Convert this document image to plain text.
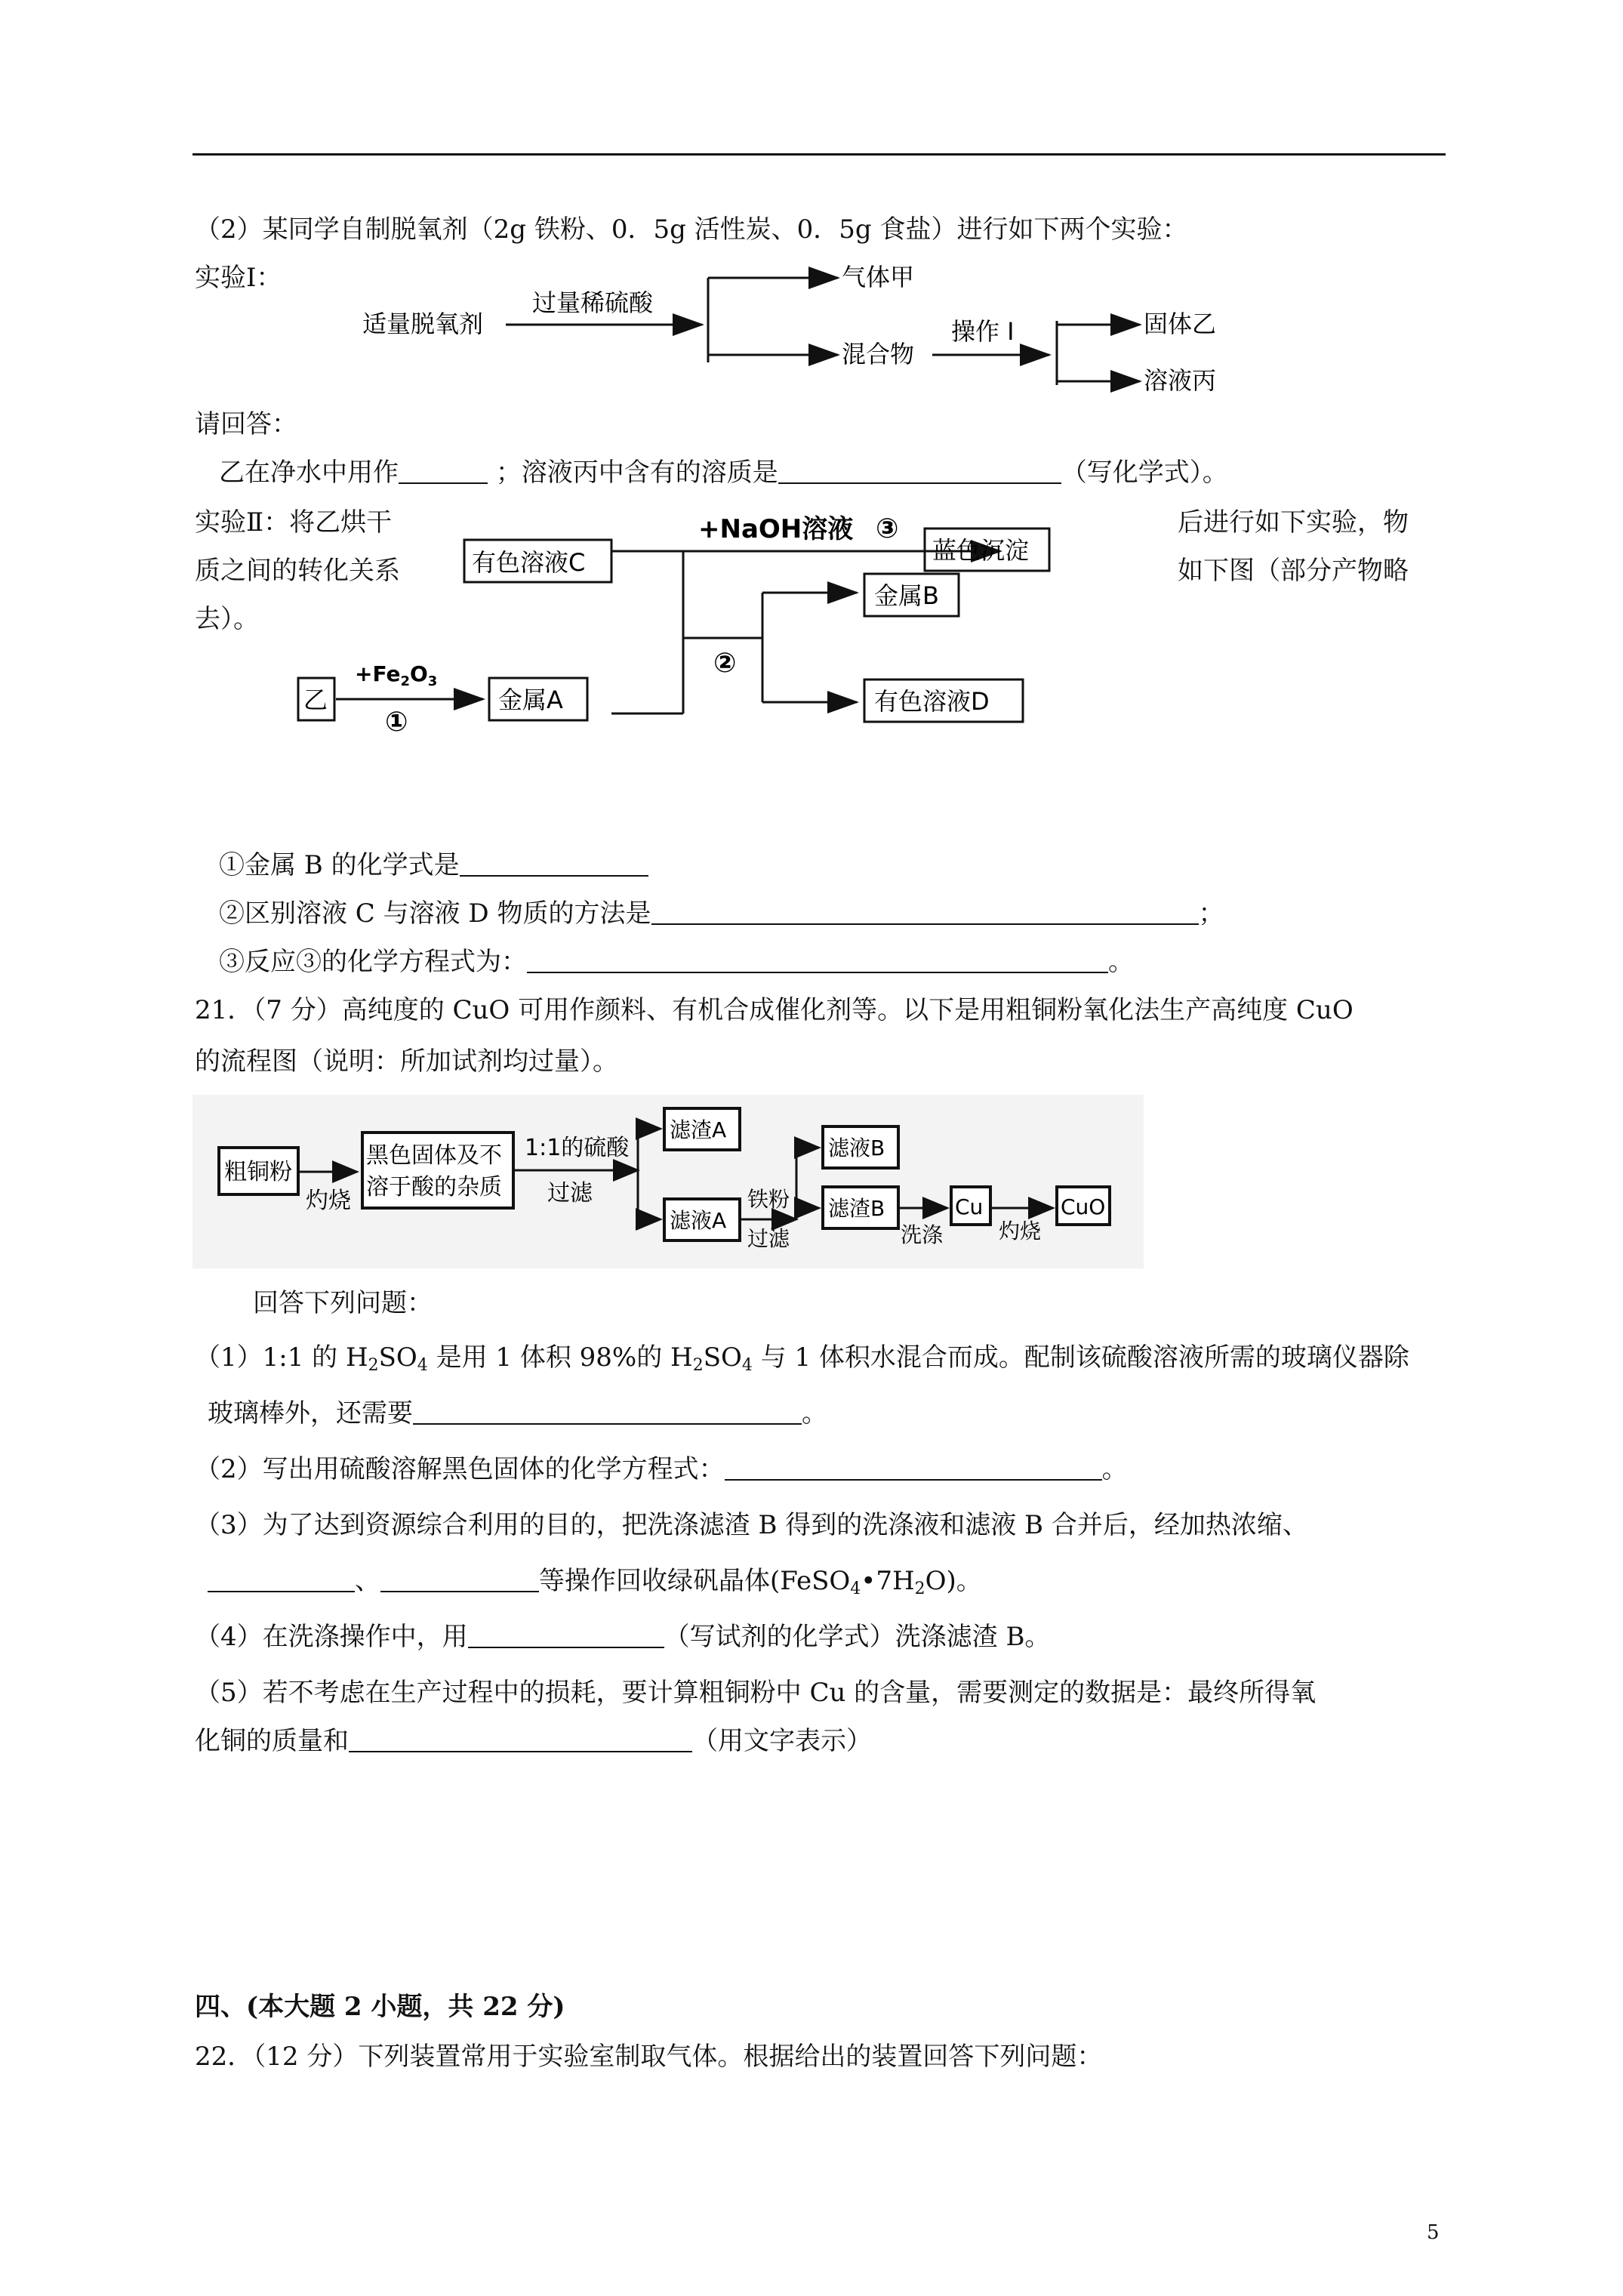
（2）某同学自制脱氧剂（2g 铁粉、0．5g 活性炭、0．5g 食盐）进行如下两个实验：
实验Ⅰ：
适量脱氧剂
过量稀硫酸
气体甲
混合物
操作 I	固体乙
溶液丙
请回答：
乙在净水中用作	；溶液丙中含有的溶质是	（写化学式）。
实验Ⅱ：将乙烘干
质之间的转化关系
去）。
后进行如下实验，物
如下图（部分产物略
有色溶液C
+NaOH溶液 ③
蓝色沉淀
金属B
②
有色溶液D
乙
$+Fe_2O_3$
①
金属A
①金属 B 的化学式是
②区别溶液 C 与溶液 D 物质的方法是	；
③反应③的化学方程式为：	。
21．（7 分）高纯度的 CuO 可用作颜料、有机合成催化剂等。以下是用粗铜粉氧化法生产高纯度 CuO
的流程图（说明：所加试剂均过量）。
粗铜粉
灼烧
黑色固体及不
溶于酸的杂质
1:1的硫酸
过滤
滤渣A
滤液A
铁粉
过滤
滤液B
滤渣B
洗涤
Cu
灼烧
CuO
回答下列问题：
（1）1:1 的 $H_2SO_4$ 是用 1 体积 98%的 $H_2SO_4$ 与 1 体积水混合而成。配制该硫酸溶液所需的玻璃仪器除
玻璃棒外，还需要	。
（2）写出用硫酸溶解黑色固体的化学方程式：	。
（3）为了达到资源综合利用的目的，把洗涤滤渣 B 得到的洗涤液和滤液 B 合并后，经加热浓缩、
、	等操作回收绿矾晶体$(FeSO_4•7H_2O)$。
（4）在洗涤操作中，用	（写试剂的化学式）洗涤滤渣 B。
（5）若不考虑在生产过程中的损耗，要计算粗铜粉中 Cu 的含量，需要测定的数据是：最终所得氧
化铜的质量和	（用文字表示）
四、(本大题 2 小题，共 22 分)
22．（12 分）下列装置常用于实验室制取气体。根据给出的装置回答下列问题：
5
